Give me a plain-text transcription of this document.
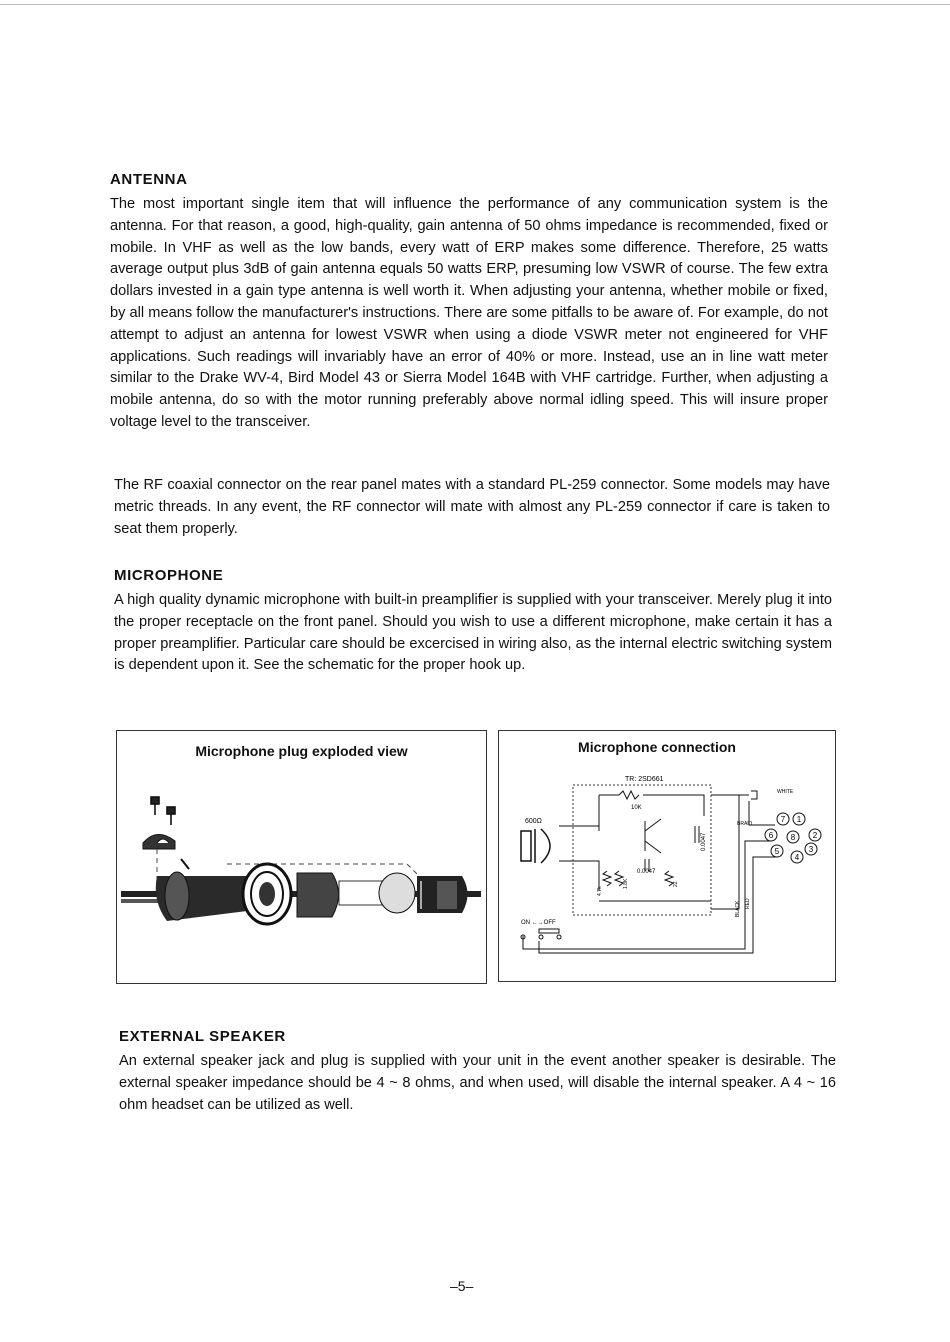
ANTENNA
The most important single item that will influence the performance of any communication system is the antenna. For that reason, a good, high-quality, gain antenna of 50 ohms impedance is recommended, fixed or mobile. In VHF as well as the low bands, every watt of ERP makes some difference. Therefore, 25 watts average output plus 3dB of gain antenna equals 50 watts ERP, presuming low VSWR of course. The few extra dollars invested in a gain type antenna is well worth it. When adjusting your antenna, whether mobile or fixed, by all means follow the manufacturer's instructions. There are some pitfalls to be aware of. For example, do not attempt to adjust an antenna for lowest VSWR when using a diode VSWR meter not engineered for VHF applications. Such readings will invariably have an error of 40% or more. Instead, use an in line watt meter similar to the Drake WV-4, Bird Model 43 or Sierra Model 164B with VHF cartridge. Further, when adjusting a mobile antenna, do so with the motor running preferably above normal idling speed. This will insure proper voltage level to the transceiver.
The RF coaxial connector on the rear panel mates with a standard PL-259 connector. Some models may have metric threads. In any event, the RF connector will mate with almost any PL-259 connector if care is taken to seat them properly.
MICROPHONE
A high quality dynamic microphone with built-in preamplifier is supplied with your transceiver. Merely plug it into the proper receptacle on the front panel. Should you wish to use a different microphone, make certain it has a proper preamplifier. Particular care should be excercised in wiring also, as the internal electric switching system is dependent upon it. See the schematic for the proper hook up.
Microphone plug exploded view	Microphone connection
TR: 2SD661
10K
0.0047
0.0047
4.7k
1.8K	22
600Ω
WHITE
BRAID	7 1
6 8 2
5
4
3
BLACK RED
ON ←→OFF
EXTERNAL SPEAKER
An external speaker jack and plug is supplied with your unit in the event another speaker is desirable. The external speaker impedance should be 4 ~ 8 ohms, and when used, will disable the internal speaker. A 4 ~ 16 ohm headset can be utilized as well.
–5–
